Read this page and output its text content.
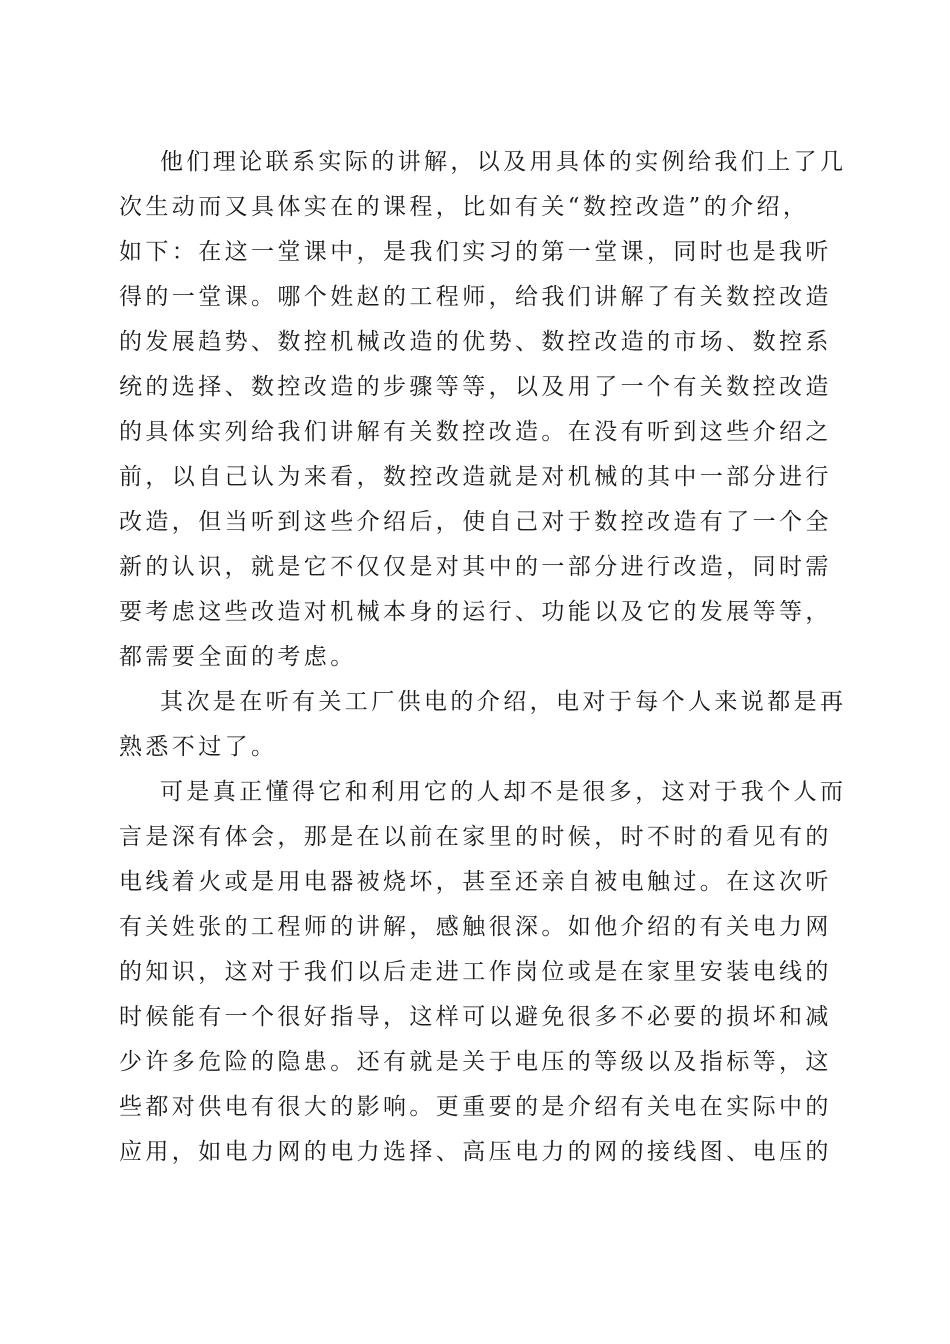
他们理论联系实际的讲解，以及用具体的实例给我们上了几
次生动而又具体实在的课程，比如有关“数控改造”的介绍，
如下：在这一堂课中，是我们实习的第一堂课，同时也是我听
得的一堂课。哪个姓赵的工程师，给我们讲解了有关数控改造
的发展趋势、数控机械改造的优势、数控改造的市场、数控系
统的选择、数控改造的步骤等等，以及用了一个有关数控改造
的具体实列给我们讲解有关数控改造。在没有听到这些介绍之
前，以自己认为来看，数控改造就是对机械的其中一部分进行
改造，但当听到这些介绍后，使自己对于数控改造有了一个全
新的认识，就是它不仅仅是对其中的一部分进行改造，同时需
要考虑这些改造对机械本身的运行、功能以及它的发展等等，
都需要全面的考虑。
其次是在听有关工厂供电的介绍，电对于每个人来说都是再
熟悉不过了。
可是真正懂得它和利用它的人却不是很多，这对于我个人而
言是深有体会，那是在以前在家里的时候，时不时的看见有的
电线着火或是用电器被烧坏，甚至还亲自被电触过。在这次听
有关姓张的工程师的讲解，感触很深。如他介绍的有关电力网
的知识，这对于我们以后走进工作岗位或是在家里安装电线的
时候能有一个很好指导，这样可以避免很多不必要的损坏和减
少许多危险的隐患。还有就是关于电压的等级以及指标等，这
些都对供电有很大的影响。更重要的是介绍有关电在实际中的
应用，如电力网的电力选择、高压电力的网的接线图、电压的
